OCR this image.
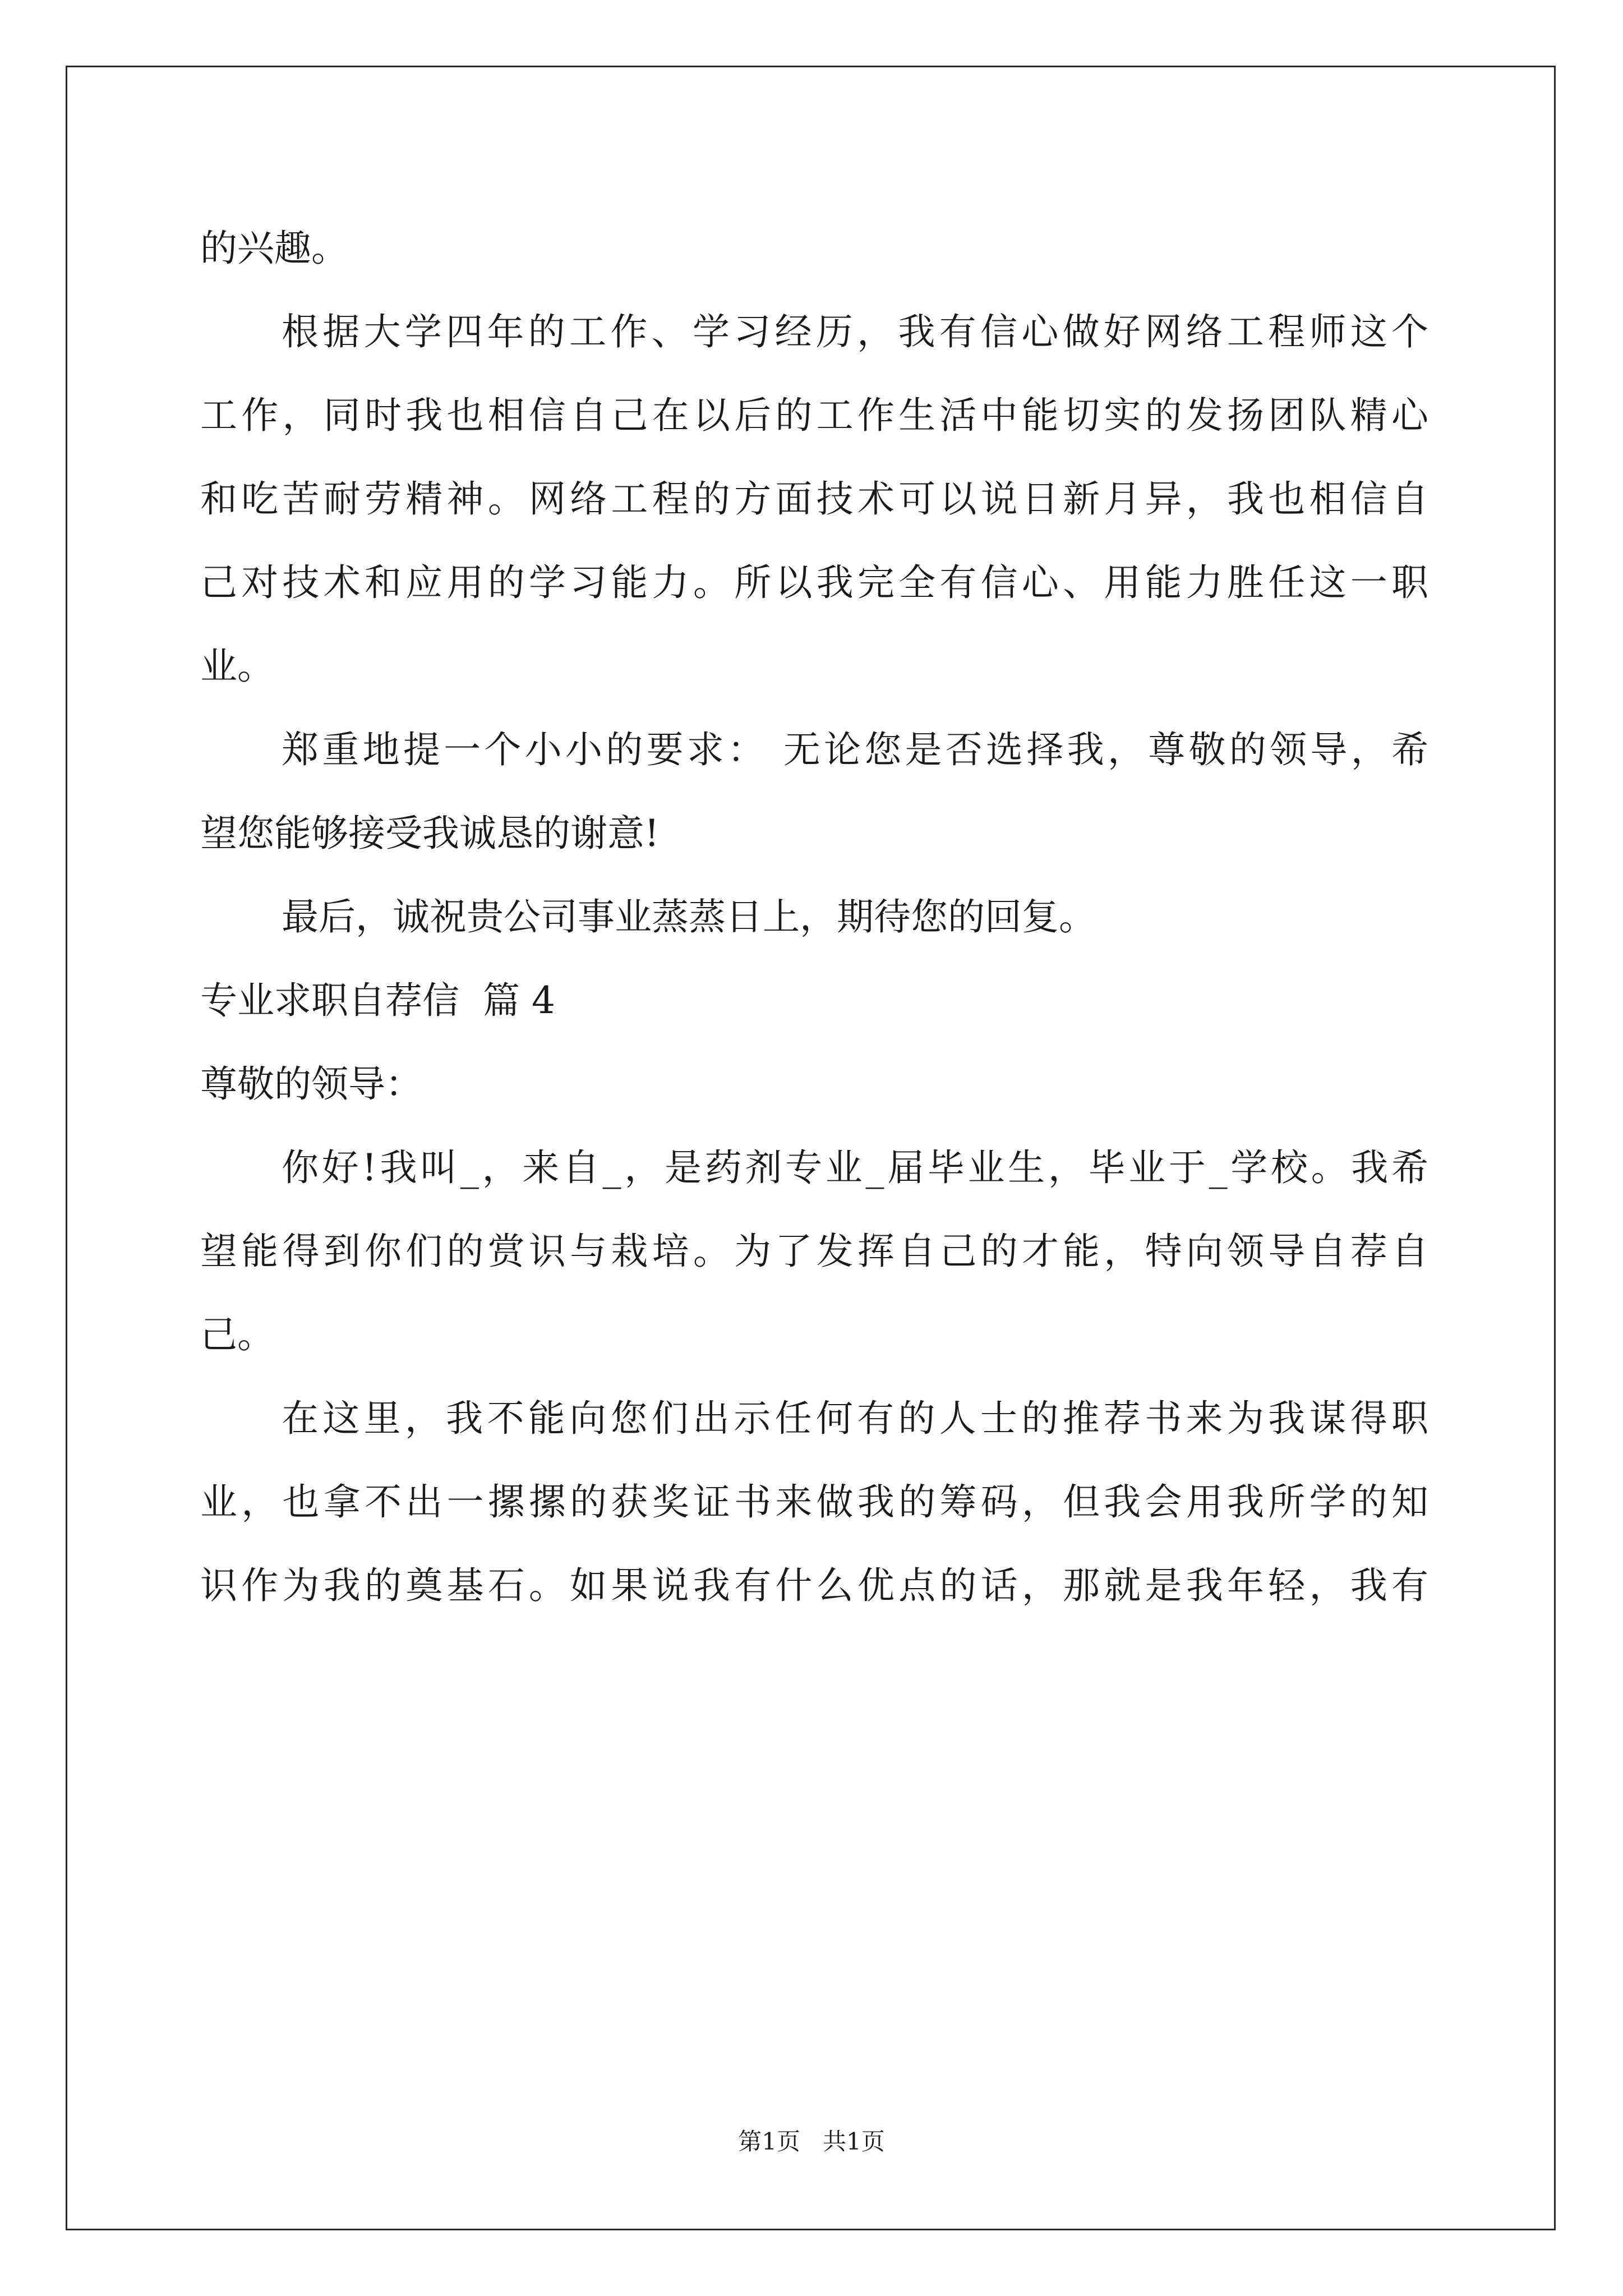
的兴趣。
根据大学四年的工作、学习经历，我有信心做好网络工程师这个
工作，同时我也相信自己在以后的工作生活中能切实的发扬团队精心
和吃苦耐劳精神。网络工程的方面技术可以说日新月异，我也相信自
己对技术和应用的学习能力。所以我完全有信心、用能力胜任这一职
业。
郑重地提一个小小的要求： 无论您是否选择我，尊敬的领导，希
望您能够接受我诚恳的谢意!
最后，诚祝贵公司事业蒸蒸日上，期待您的回复。
专业求职自荐信  篇 4
尊敬的领导：
你好!我叫_，来自_，是药剂专业_届毕业生，毕业于_学校。我希
望能得到你们的赏识与栽培。为了发挥自己的才能，特向领导自荐自
己。
在这里，我不能向您们出示任何有的人士的推荐书来为我谋得职
业，也拿不出一摞摞的获奖证书来做我的筹码，但我会用我所学的知
识作为我的奠基石。如果说我有什么优点的话，那就是我年轻，我有
第1页   共1页
